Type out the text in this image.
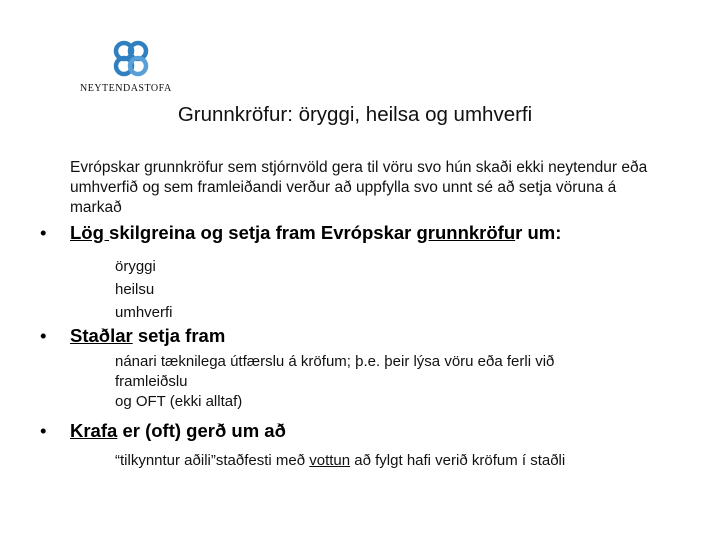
NEYTENDASTOFA
Grunnkröfur: öryggi, heilsa og umhverfi
Evrópskar grunnkröfur sem stjórnvöld gera til vöru svo hún skaði ekki neytendur eða umhverfið og sem framleiðandi verður að uppfylla svo unnt sé að setja vöruna á markað
• Lög skilgreina og setja fram Evrópskar grunnkröfur um:
öryggi
heilsu
umhverfi
• Staðlar setja fram
nánari tæknilega útfærslu á kröfum; þ.e. þeir lýsa vöru eða ferli við
framleiðslu
og OFT (ekki alltaf)
• Krafa er (oft) gerð um að
“tilkynntur aðili”staðfesti með vottun að fylgt hafi verið kröfum í staðli
